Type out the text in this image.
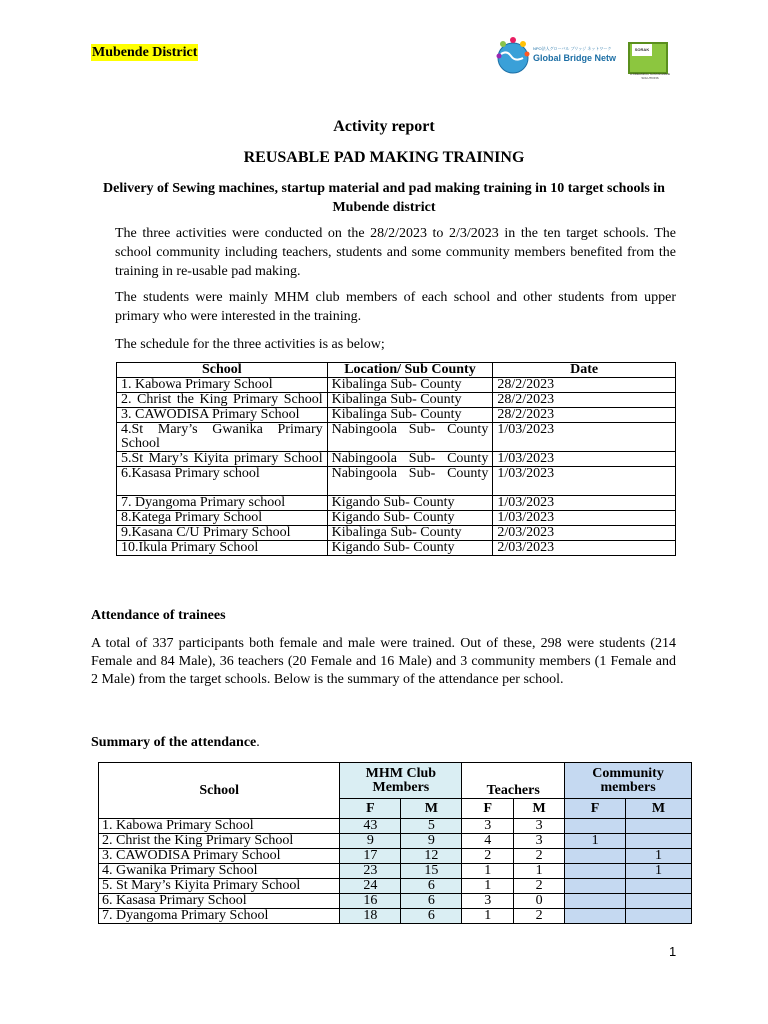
Mubende District	NPO法人グローバル ブリッジ ネットワーク
Global Bridge Netw
SORAK
A DREAMING SUSTAINABLE SOLUTIONS
Activity report
REUSABLE PAD MAKING TRAINING
Delivery of Sewing machines, startup material and pad making training in 10 target schools in Mubende district
The three activities were conducted on the 28/2/2023 to 2/3/2023 in the ten target schools. The school community including teachers, students and some community members benefited from the training in re-usable pad making.
The students were mainly MHM club members of each school and other students from upper primary who were interested in the training.
The schedule for the three activities is as below;
School	Location/ Sub County	Date
1. Kabowa Primary School	Kibalinga Sub- County	28/2/2023
2. Christ the King Primary School	Kibalinga Sub- County	28/2/2023
3. CAWODISA Primary School	Kibalinga Sub- County	28/2/2023
4.St Mary’s Gwanika Primary School	Nabingoola Sub- County	1/03/2023
5.St Mary’s Kiyita primary School	Nabingoola Sub- County	1/03/2023
6.Kasasa Primary school	Nabingoola Sub- County	1/03/2023
7. Dyangoma Primary school	Kigando Sub- County	1/03/2023
8.Katega Primary School	Kigando Sub- County	1/03/2023
9.Kasana C/U Primary School	Kibalinga Sub- County	2/03/2023
10.Ikula Primary School	Kigando Sub- County	2/03/2023
Attendance of trainees
A total of 337 participants both female and male were trained. Out of these, 298 were students (214 Female and 84 Male), 36 teachers (20 Female and 16 Male) and 3 community members (1 Female and 2 Male) from the target schools. Below is the summary of the attendance per school.
Summary of the attendance.
School	MHM Club Members		Teachers		Community members	
	F	M	F	M	F	M
1. Kabowa Primary School	43	5	3	3		
2. Christ the King Primary School	9	9	4	3	1	
3. CAWODISA Primary School	17	12	2	2		1
4. Gwanika Primary School	23	15	1	1		1
5. St Mary’s Kiyita Primary School	24	6	1	2		
6. Kasasa Primary School	16	6	3	0		
7. Dyangoma Primary School	18	6	1	2		
1
